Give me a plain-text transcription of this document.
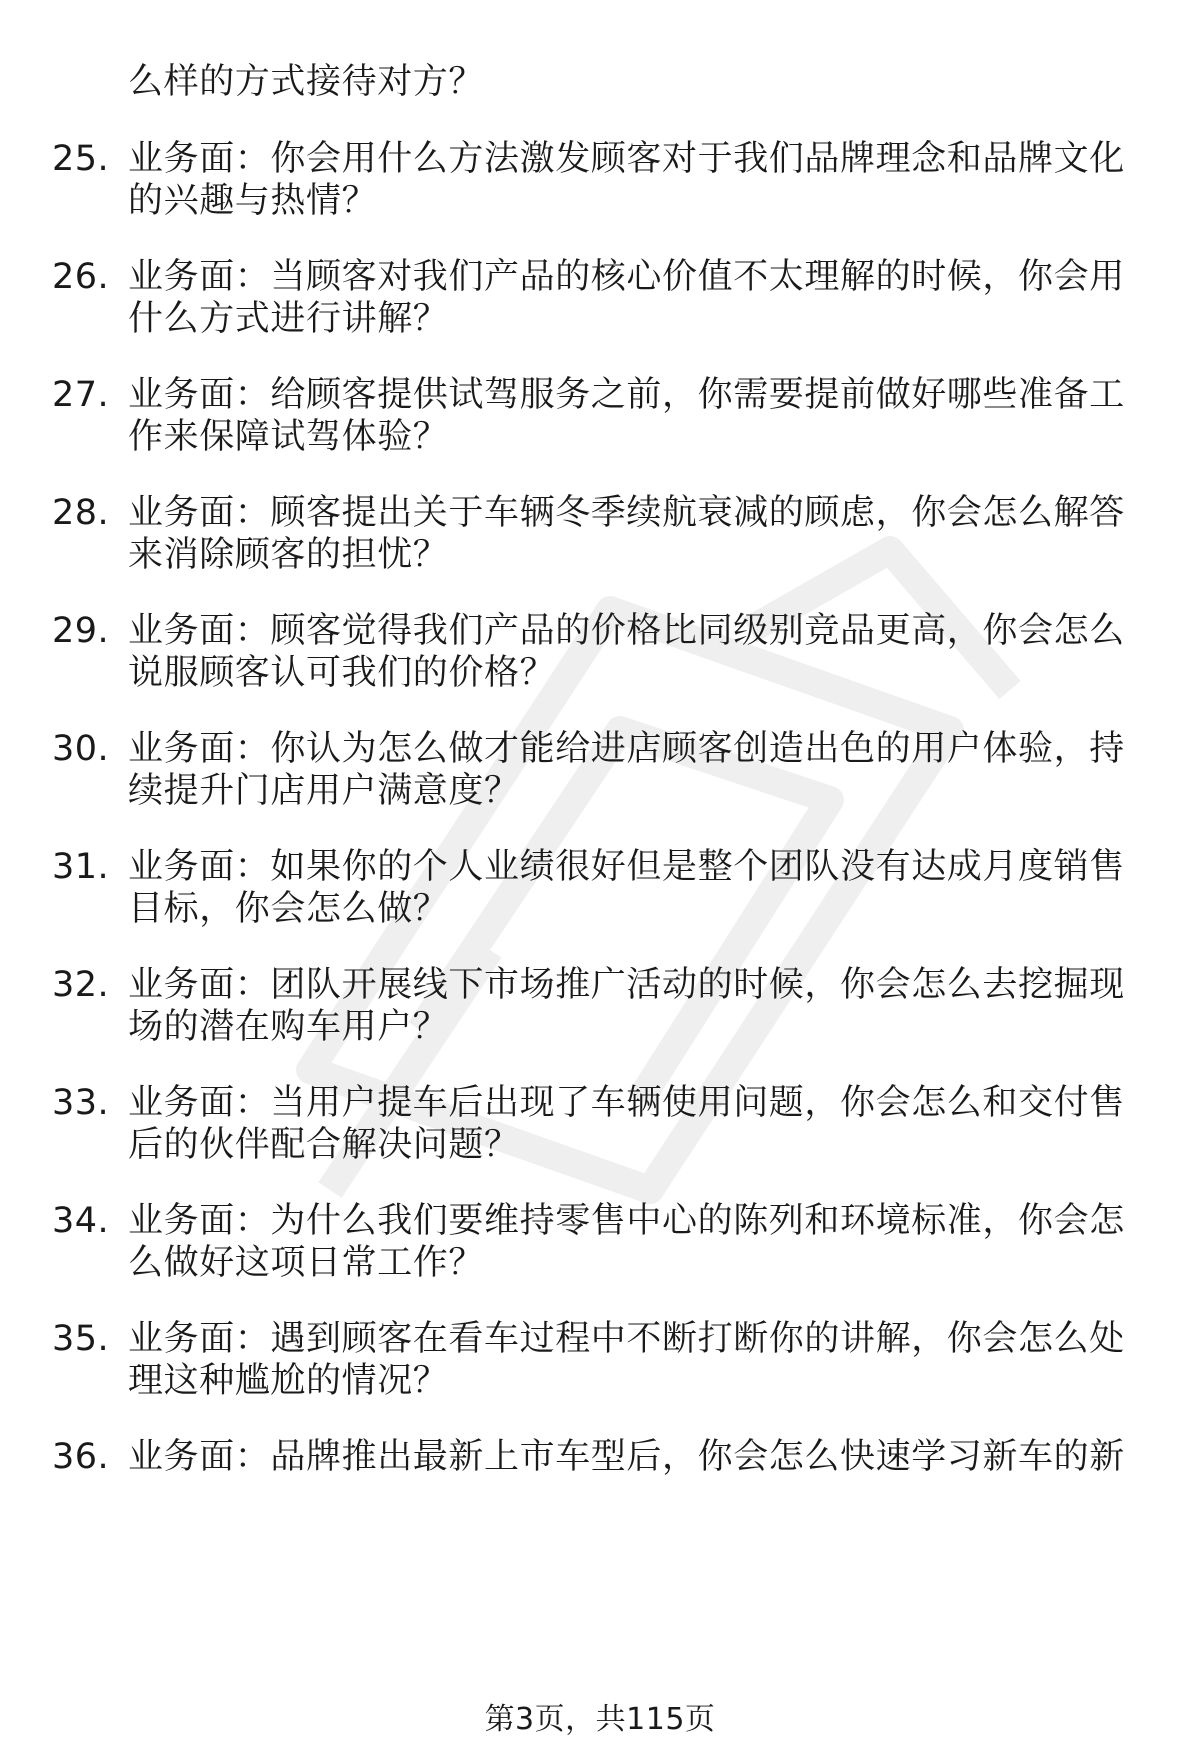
么样的方式接待对方？
25. 业务面：你会用什么方法激发顾客对于我们品牌理念和品牌文化
的兴趣与热情？
26. 业务面：当顾客对我们产品的核心价值不太理解的时候，你会用
什么方式进行讲解？
27. 业务面：给顾客提供试驾服务之前，你需要提前做好哪些准备工
作来保障试驾体验？
28. 业务面：顾客提出关于车辆冬季续航衰减的顾虑，你会怎么解答
来消除顾客的担忧？
29. 业务面：顾客觉得我们产品的价格比同级别竞品更高，你会怎么
说服顾客认可我们的价格？
30. 业务面：你认为怎么做才能给进店顾客创造出色的用户体验，持
续提升门店用户满意度？
31. 业务面：如果你的个人业绩很好但是整个团队没有达成月度销售
目标，你会怎么做？
32. 业务面：团队开展线下市场推广活动的时候，你会怎么去挖掘现
场的潜在购车用户？
33. 业务面：当用户提车后出现了车辆使用问题，你会怎么和交付售
后的伙伴配合解决问题？
34. 业务面：为什么我们要维持零售中心的陈列和环境标准，你会怎
么做好这项日常工作？
35. 业务面：遇到顾客在看车过程中不断打断你的讲解，你会怎么处
理这种尴尬的情况？
36. 业务面：品牌推出最新上市车型后，你会怎么快速学习新车的新
第3页，共115页
